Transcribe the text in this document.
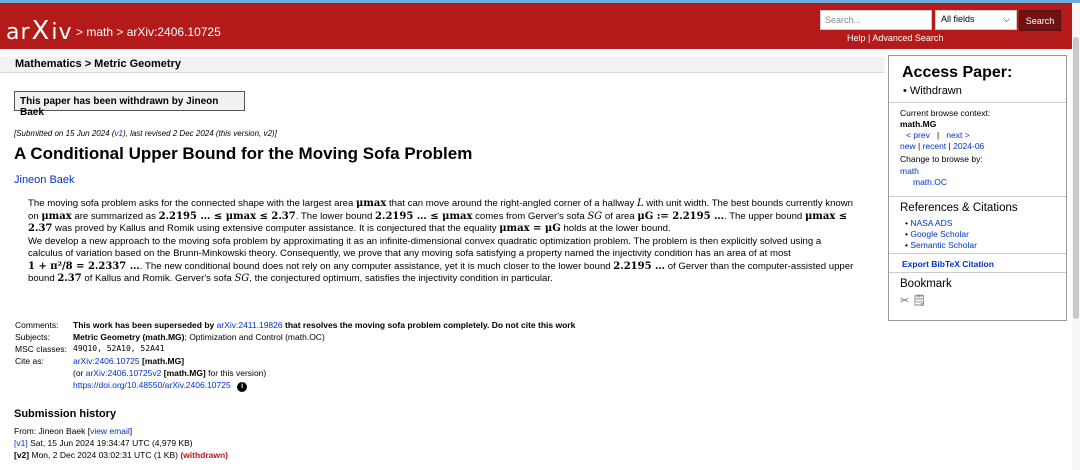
ar X iv > math > arXiv:2406.10725
Search...	All fields	⌵	Search
Help | Advanced Search
Mathematics > Metric Geometry
This paper has been withdrawn by Jineon Baek
[Submitted on 15 Jun 2024 (v1), last revised 2 Dec 2024 (this version, v2)]
A Conditional Upper Bound for the Moving Sofa Problem
Jineon Baek
The moving sofa problem asks for the connected shape with the largest area μmax that can move around the right-angled corner of a hallway L with unit width. The best bounds currently known on μmax are summarized as 2.2195 … ≤ μmax ≤ 2.37. The lower bound 2.2195 … ≤ μmax comes from Gerver's sofa SG of area μG := 2.2195 …. The upper bound μmax ≤ 2.37 was proved by Kallus and Romik using extensive computer assistance. It is conjectured that the equality μmax = μG holds at the lower bound.
We develop a new approach to the moving sofa problem by approximating it as an infinite-dimensional convex quadratic optimization problem. The problem is then explicitly solved using a calculus of variation based on the Brunn-Minkowski theory. Consequently, we prove that any moving sofa satisfying a property named the injectivity condition has an area of at most
1 + π²/8 = 2.2337 …. The new conditional bound does not rely on any computer assistance, yet it is much closer to the lower bound 2.2195 … of Gerver than the computer-assisted upper bound 2.37 of Kallus and Romik. Gerver's sofa SG, the conjectured optimum, satisfies the injectivity condition in particular.
Comments:	This work has been superseded by arXiv:2411.19826 that resolves the moving sofa problem completely. Do not cite this work
Subjects:	Metric Geometry (math.MG); Optimization and Control (math.OC)
MSC classes: 49Q10, 52A10, 52A41
Cite as:	arXiv:2406.10725 [math.MG]
(or arXiv:2406.10725v2 [math.MG] for this version)
https://doi.org/10.48550/arXiv.2406.10725 i
Submission history
From: Jineon Baek [view email]
[v1] Sat, 15 Jun 2024 19:34:47 UTC (4,979 KB)
[v2] Mon, 2 Dec 2024 03:02:31 UTC (1 KB) (withdrawn)
Access Paper:
• Withdrawn
Current browse context:
math.MG
< prev | next >
new | recent | 2024-06
Change to browse by:
math
math.OC
References & Citations
• NASA ADS
• Google Scholar
• Semantic Scholar
Export BibTeX Citation
Bookmark
✂ 🗒
